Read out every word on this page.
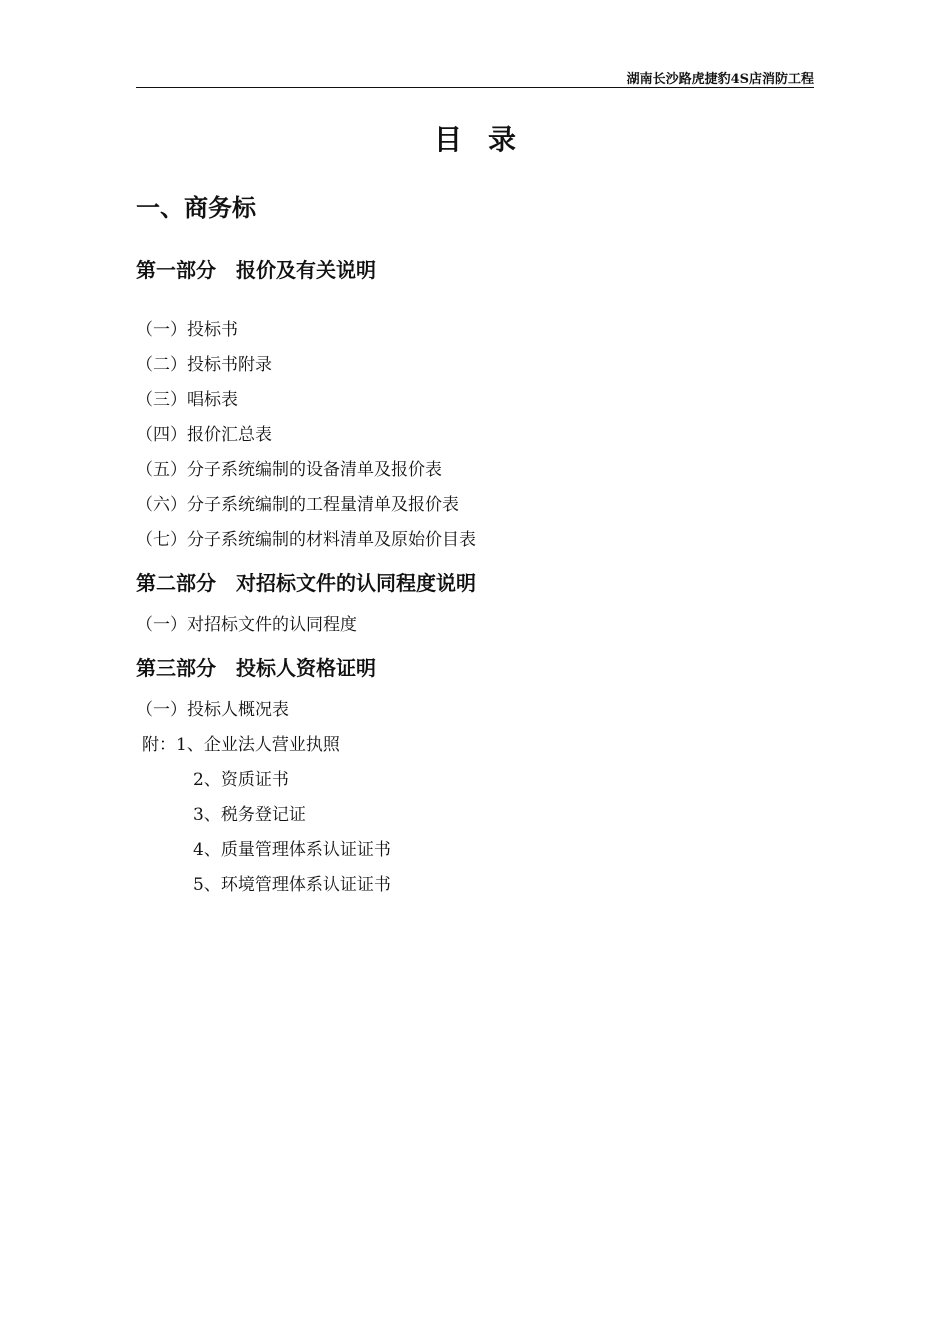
湖南长沙路虎捷豹4S店消防工程
目录
一、商务标
第一部分　报价及有关说明
（一）投标书
（二）投标书附录
（三）唱标表
（四）报价汇总表
（五）分子系统编制的设备清单及报价表
（六）分子系统编制的工程量清单及报价表
（七）分子系统编制的材料清单及原始价目表
第二部分　对招标文件的认同程度说明
（一）对招标文件的认同程度
第三部分　投标人资格证明
（一）投标人概况表
附：1、企业法人营业执照
2、资质证书
3、税务登记证
4、质量管理体系认证证书
5、环境管理体系认证证书
